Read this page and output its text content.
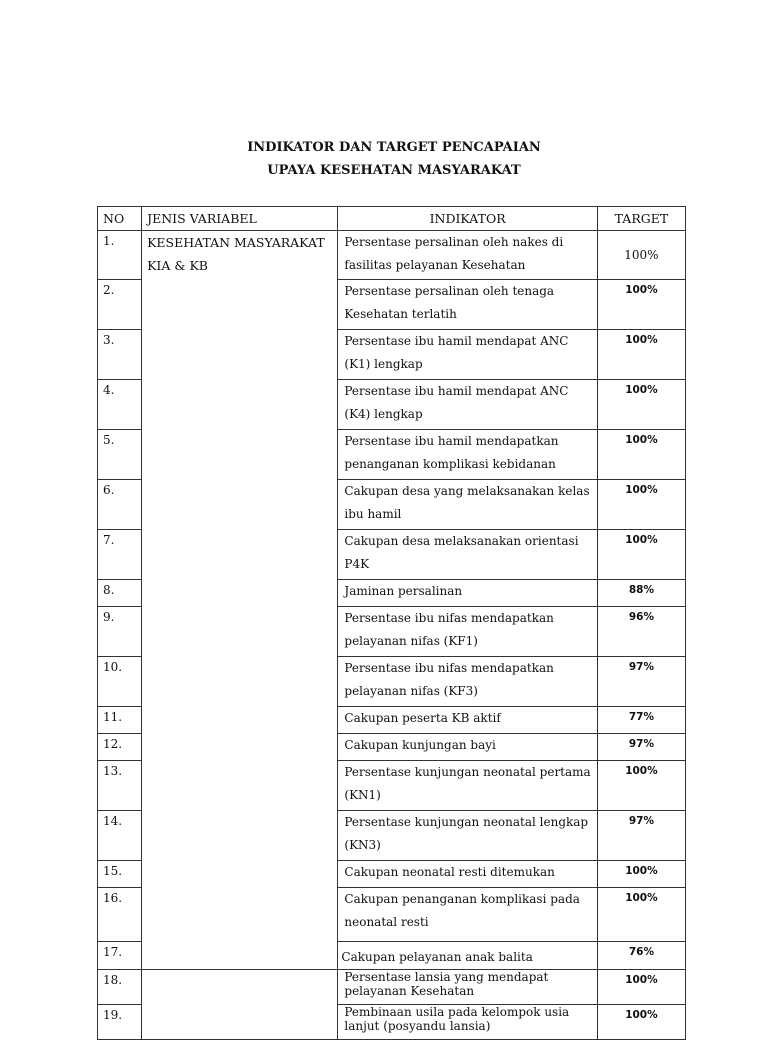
INDIKATOR DAN TARGET PENCAPAIAN
UPAYA KESEHATAN MASYARAKAT
NO	JENIS VARIABEL	INDIKATOR	TARGET
1.	KESEHATAN MASYARAKAT KIA & KB	Persentase persalinan oleh nakes di fasilitas pelayanan Kesehatan	100%
2.		Persentase persalinan oleh tenaga Kesehatan terlatih	100%
3.		Persentase ibu hamil mendapat ANC (K1) lengkap	100%
4.		Persentase ibu hamil mendapat ANC (K4) lengkap	100%
5.		Persentase ibu hamil mendapatkan penanganan komplikasi kebidanan	100%
6.		Cakupan desa yang melaksanakan kelas ibu hamil	100%
7.		Cakupan desa melaksanakan orientasi P4K	100%
8.		Jaminan persalinan	88%
9.		Persentase ibu nifas mendapatkan pelayanan nifas (KF1)	96%
10.		Persentase ibu nifas mendapatkan pelayanan nifas (KF3)	97%
11.		Cakupan peserta KB aktif	77%
12.		Cakupan kunjungan bayi	97%
13.		Persentase kunjungan neonatal pertama (KN1)	100%
14.		Persentase kunjungan neonatal lengkap (KN3)	97%
15.		Cakupan neonatal resti ditemukan	100%
16.		Cakupan penanganan komplikasi pada neonatal resti	100%
17.		Cakupan pelayanan anak balita	76%
18.		Persentase lansia yang mendapat pelayanan Kesehatan	100%
19.		Pembinaan usila pada kelompok usia lanjut (posyandu lansia)	100%
